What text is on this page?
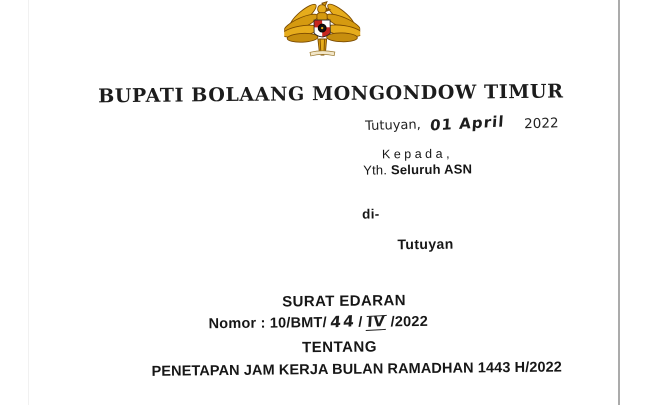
BUPATI BOLAANG MONGONDOW TIMUR
Tutuyan, 01 April 2022
Kepada,
Yth. Seluruh ASN
di-
Tutuyan
SURAT EDARAN
Nomor : 10/BMT/ 44 / IV /2022
TENTANG
PENETAPAN JAM KERJA BULAN RAMADHAN 1443 H/2022
